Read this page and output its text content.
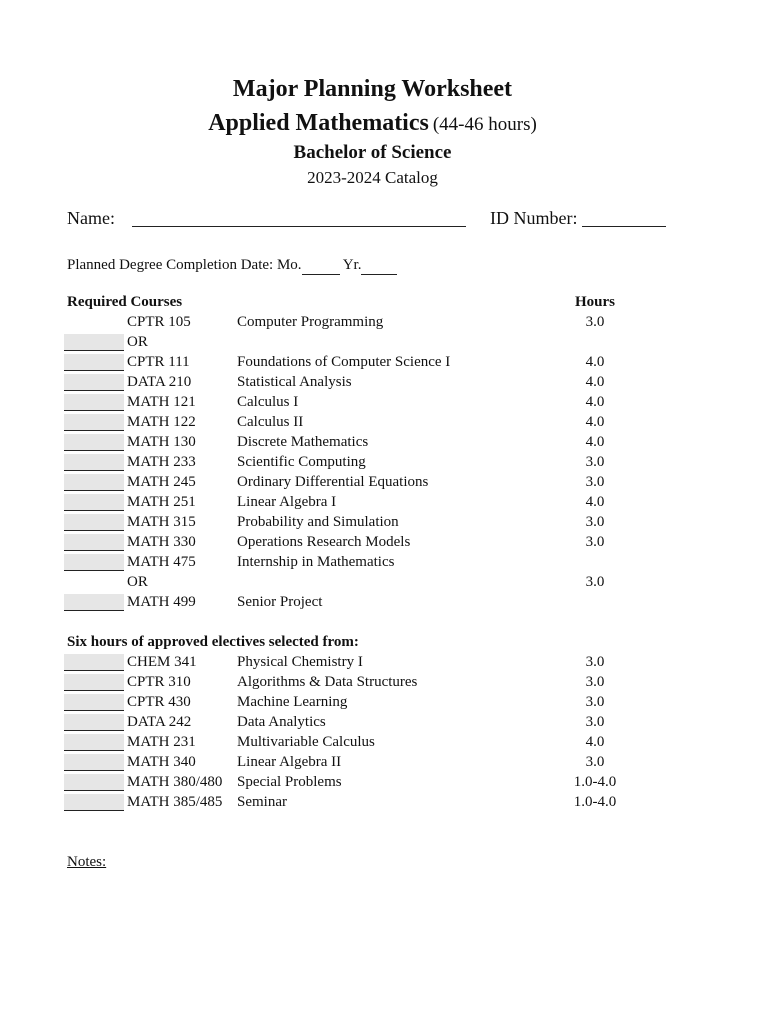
Major Planning Worksheet
Applied Mathematics (44-46 hours)
Bachelor of Science
2023-2024 Catalog
Name:	ID Number:
Planned Degree Completion Date: Mo.	Yr.
Required Courses	Hours
CPTR 105	Computer Programming	3.0
OR
CPTR 111	Foundations of Computer Science I	4.0
DATA 210	Statistical Analysis	4.0
MATH 121	Calculus I	4.0
MATH 122	Calculus II	4.0
MATH 130	Discrete Mathematics	4.0
MATH 233	Scientific Computing	3.0
MATH 245	Ordinary Differential Equations	3.0
MATH 251	Linear Algebra I	4.0
MATH 315	Probability and Simulation	3.0
MATH 330	Operations Research Models	3.0
MATH 475	Internship in Mathematics
OR	3.0
MATH 499	Senior Project
Six hours of approved electives selected from:
CHEM 341	Physical Chemistry I	3.0
CPTR 310	Algorithms & Data Structures	3.0
CPTR 430	Machine Learning	3.0
DATA 242	Data Analytics	3.0
MATH 231	Multivariable Calculus	4.0
MATH 340	Linear Algebra II	3.0
MATH 380/480 Special Problems	1.0-4.0
MATH 385/485 Seminar	1.0-4.0
Notes:
